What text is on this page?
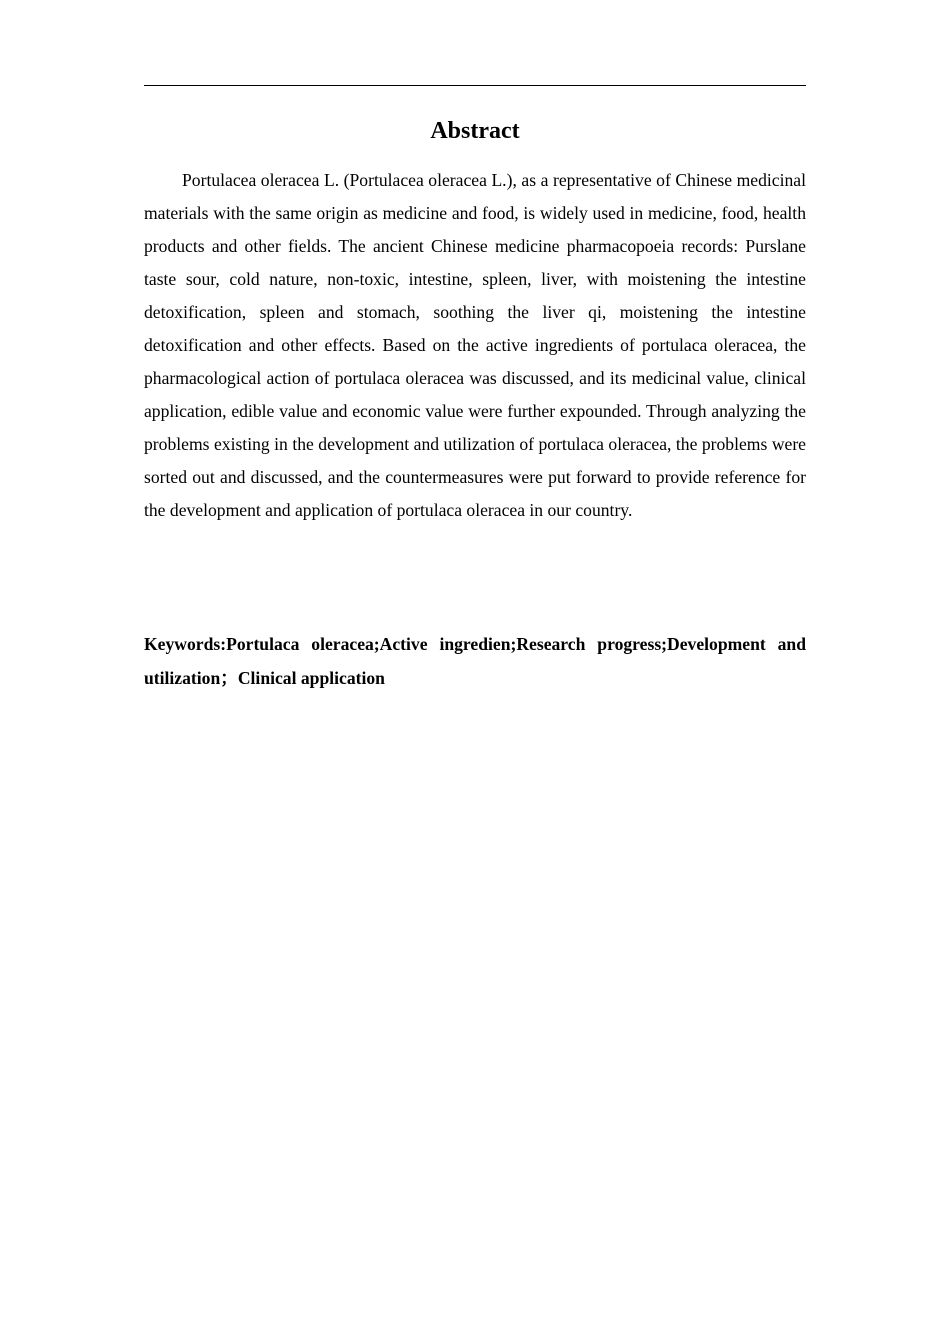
Abstract

Portulacea oleracea L. (Portulacea oleracea L.), as a representative of Chinese medicinal materials with the same origin as medicine and food, is widely used in medicine, food, health products and other fields. The ancient Chinese medicine pharmacopoeia records: Purslane taste sour, cold nature, non-toxic, intestine, spleen, liver, with moistening the intestine detoxification, spleen and stomach, soothing the liver qi, moistening the intestine detoxification and other effects. Based on the active ingredients of portulaca oleracea, the pharmacological action of portulaca oleracea was discussed, and its medicinal value, clinical application, edible value and economic value were further expounded. Through analyzing the problems existing in the development and utilization of portulaca oleracea, the problems were sorted out and discussed, and the countermeasures were put forward to provide reference for the development and application of portulaca oleracea in our country.

Keywords:Portulaca oleracea;Active ingredien;Research progress;Development and utilization；Clinical application
